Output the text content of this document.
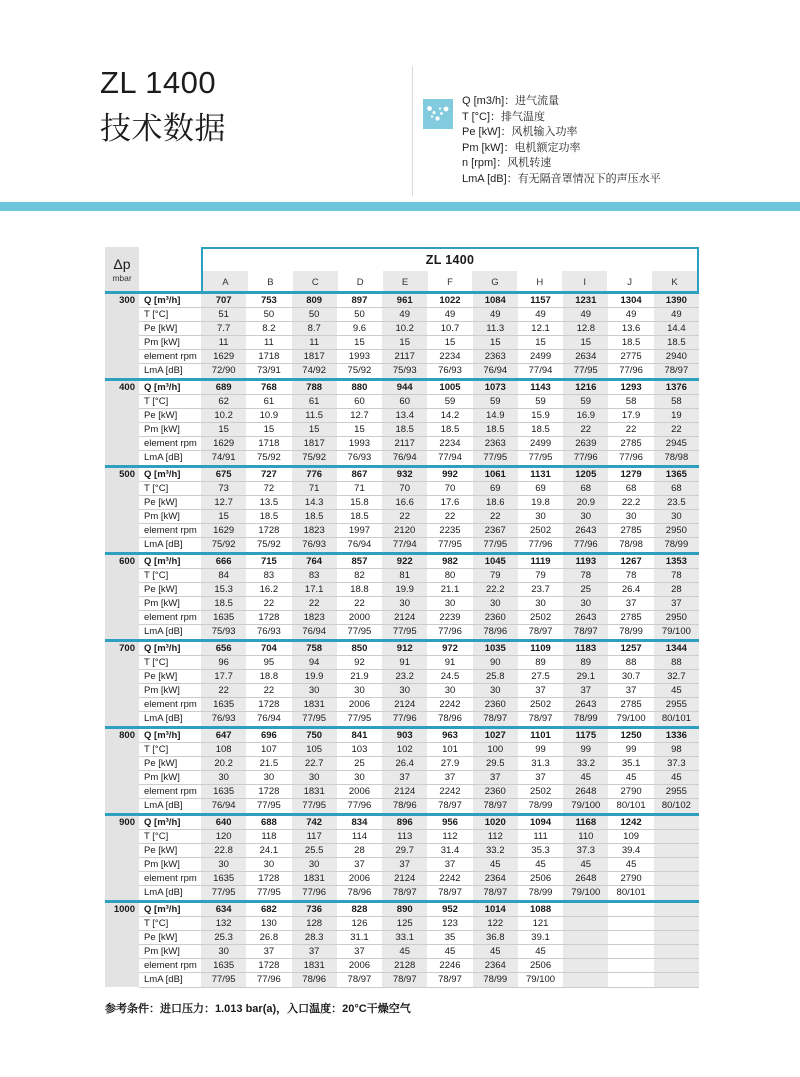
ZL 1400
技术数据
Q [m3/h]：进气流量
T [°C]：排气温度
Pe [kW]：风机输入功率
Pm [kW]：电机额定功率
n [rpm]：风机转速
LmA [dB]：有无隔音罩情况下的声压水平
Δp
mbar
ZL 1400
A	B	C	D	E	F	G	H	I	J	K
300 Q [m³/h]	707	753	809	897	961	1022	1084	1157	1231	1304	1390
T [°C]	51	50	50	50	49	49	49	49	49	49	49
Pe [kW]	7.7	8.2	8.7	9.6	10.2	10.7	11.3	12.1	12.8	13.6	14.4
Pm [kW]	11	11	11	15	15	15	15	15	15	18.5	18.5
element rpm	1629	1718	1817	1993	2117	2234	2363	2499	2634	2775	2940
LmA [dB]	72/90	73/91	74/92	75/92	75/93	76/93	76/94	77/94	77/95	77/96	78/97
400 Q [m³/h]	689	768	788	880	944	1005	1073	1143	1216	1293	1376
T [°C]	62	61	61	60	60	59	59	59	59	58	58
Pe [kW]	10.2	10.9	11.5	12.7	13.4	14.2	14.9	15.9	16.9	17.9	19
Pm [kW]	15	15	15	15	18.5	18.5	18.5	18.5	22	22	22
element rpm	1629	1718	1817	1993	2117	2234	2363	2499	2639	2785	2945
LmA [dB]	74/91	75/92	75/92	76/93	76/94	77/94	77/95	77/95	77/96	77/96	78/98
500 Q [m³/h]	675	727	776	867	932	992	1061	1131	1205	1279	1365
T [°C]	73	72	71	71	70	70	69	69	68	68	68
Pe [kW]	12.7	13.5	14.3	15.8	16.6	17.6	18.6	19.8	20.9	22.2	23.5
Pm [kW]	15	18.5	18.5	18.5	22	22	22	30	30	30	30
element rpm	1629	1728	1823	1997	2120	2235	2367	2502	2643	2785	2950
LmA [dB]	75/92	75/92	76/93	76/94	77/94	77/95	77/95	77/96	77/96	78/98	78/99
600 Q [m³/h]	666	715	764	857	922	982	1045	1119	1193	1267	1353
T [°C]	84	83	83	82	81	80	79	79	78	78	78
Pe [kW]	15.3	16.2	17.1	18.8	19.9	21.1	22.2	23.7	25	26.4	28
Pm [kW]	18.5	22	22	22	30	30	30	30	30	37	37
element rpm	1635	1728	1823	2000	2124	2239	2360	2502	2643	2785	2950
LmA [dB]	75/93	76/93	76/94	77/95	77/95	77/96	78/96	78/97	78/97	78/99	79/100
700 Q [m³/h]	656	704	758	850	912	972	1035	1109	1183	1257	1344
T [°C]	96	95	94	92	91	91	90	89	89	88	88
Pe [kW]	17.7	18.8	19.9	21.9	23.2	24.5	25.8	27.5	29.1	30.7	32.7
Pm [kW]	22	22	30	30	30	30	30	37	37	37	45
element rpm	1635	1728	1831	2006	2124	2242	2360	2502	2643	2785	2955
LmA [dB]	76/93	76/94	77/95	77/95	77/96	78/96	78/97	78/97	78/99	79/100	80/101
800 Q [m³/h]	647	696	750	841	903	963	1027	1101	1175	1250	1336
T [°C]	108	107	105	103	102	101	100	99	99	99	98
Pe [kW]	20.2	21.5	22.7	25	26.4	27.9	29.5	31.3	33.2	35.1	37.3
Pm [kW]	30	30	30	30	37	37	37	37	45	45	45
element rpm	1635	1728	1831	2006	2124	2242	2360	2502	2648	2790	2955
LmA [dB]	76/94	77/95	77/95	77/96	78/96	78/97	78/97	78/99	79/100	80/101	80/102
900 Q [m³/h]	640	688	742	834	896	956	1020	1094	1168	1242
T [°C]	120	118	117	114	113	112	112	111	110	109
Pe [kW]	22.8	24.1	25.5	28	29.7	31.4	33.2	35.3	37.3	39.4
Pm [kW]	30	30	30	37	37	37	45	45	45	45
element rpm	1635	1728	1831	2006	2124	2242	2364	2506	2648	2790
LmA [dB]	77/95	77/95	77/96	78/96	78/97	78/97	78/97	78/99	79/100	80/101
1000 Q [m³/h]	634	682	736	828	890	952	1014	1088
T [°C]	132	130	128	126	125	123	122	121
Pe [kW]	25.3	26.8	28.3	31.1	33.1	35	36.8	39.1
Pm [kW]	30	37	37	37	45	45	45	45
element rpm	1635	1728	1831	2006	2128	2246	2364	2506
LmA [dB]	77/95	77/96	78/96	78/97	78/97	78/97	78/99	79/100
参考条件：进口压力：1.013 bar(a)，入口温度：20°C干燥空气
